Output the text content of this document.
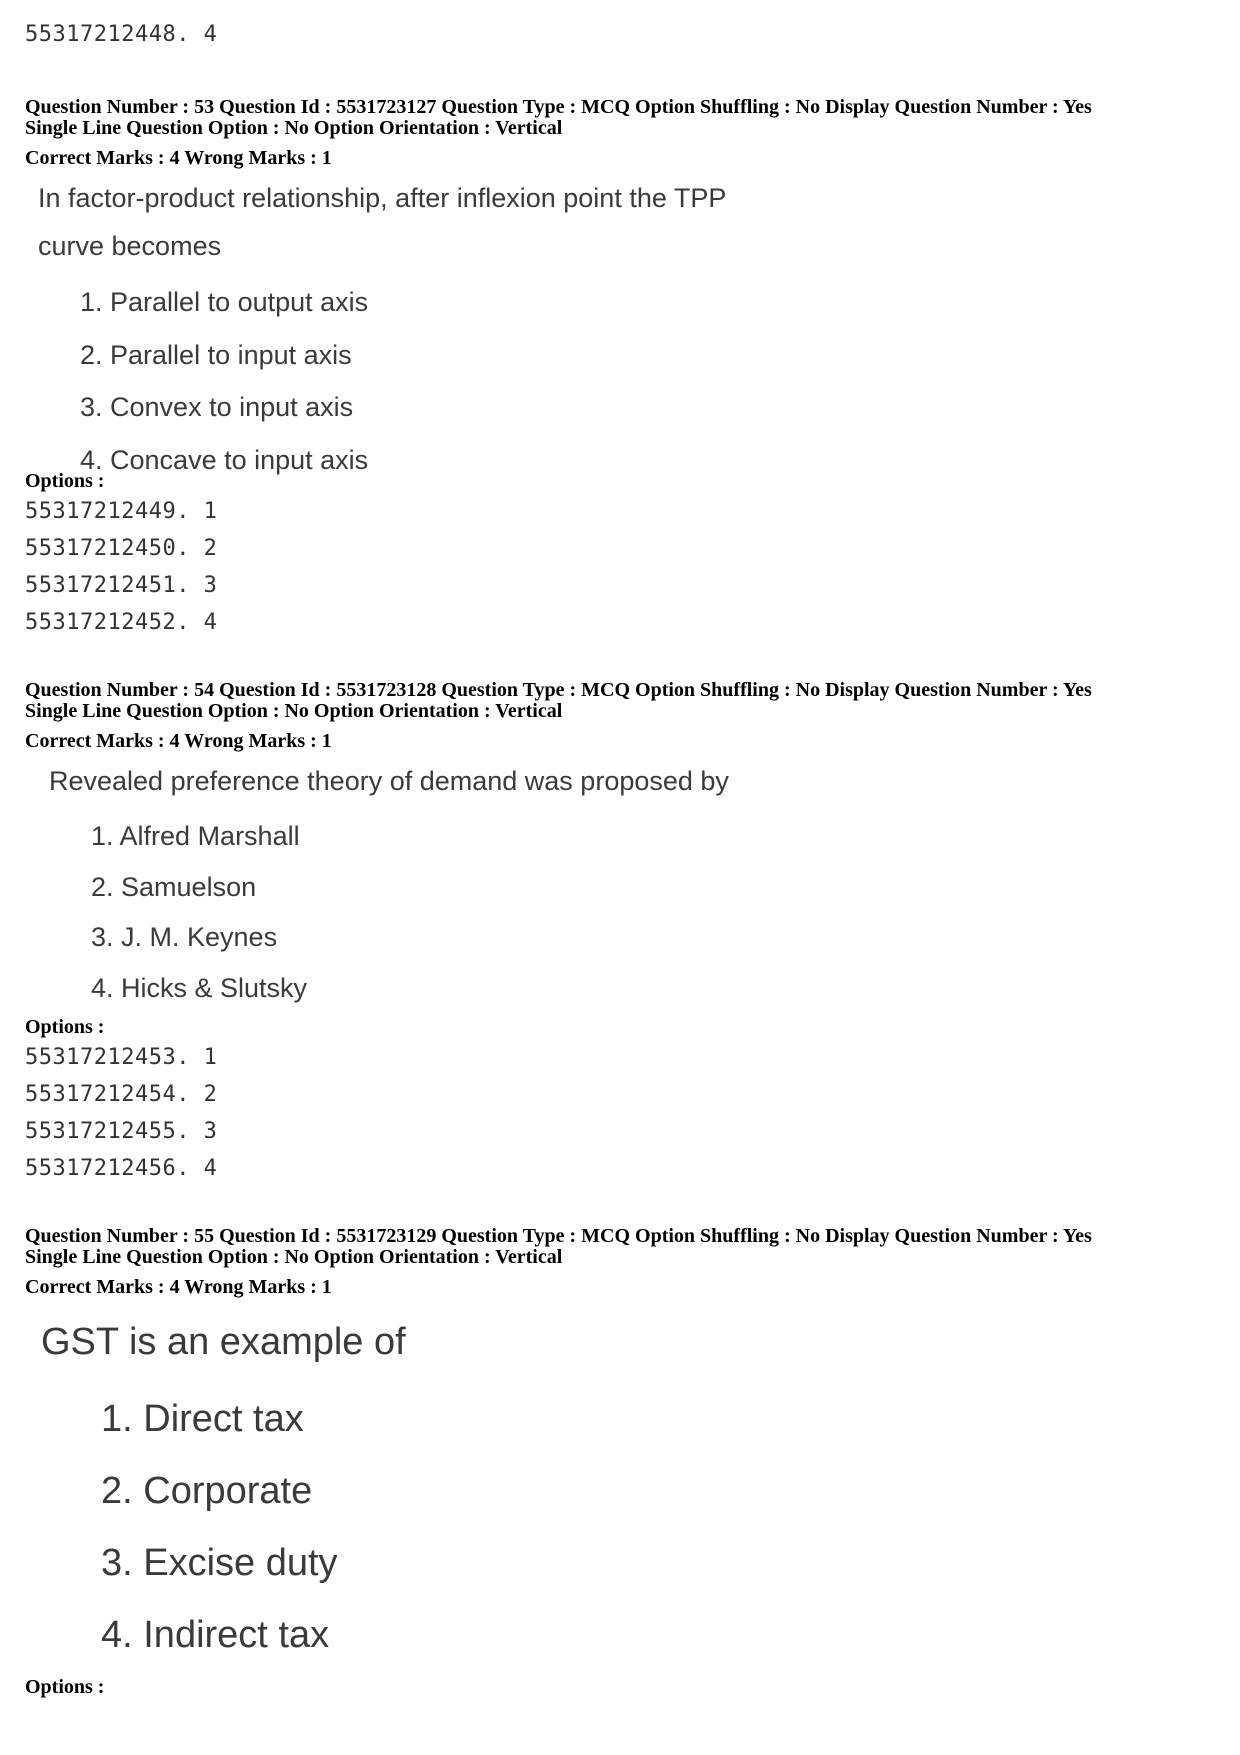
55317212448. 4
Question Number : 53 Question Id : 5531723127 Question Type : MCQ Option Shuffling : No Display Question Number : Yes
Single Line Question Option : No Option Orientation : Vertical
Correct Marks : 4 Wrong Marks : 1
In factor-product relationship, after inflexion point the TPP
curve becomes
1. Parallel to output axis
2. Parallel to input axis
3. Convex to input axis
4. Concave to input axis
Options :
55317212449. 1
55317212450. 2
55317212451. 3
55317212452. 4
Question Number : 54 Question Id : 5531723128 Question Type : MCQ Option Shuffling : No Display Question Number : Yes
Single Line Question Option : No Option Orientation : Vertical
Correct Marks : 4 Wrong Marks : 1
Revealed preference theory of demand was proposed by
1. Alfred Marshall
2. Samuelson
3. J. M. Keynes
4. Hicks & Slutsky
Options :
55317212453. 1
55317212454. 2
55317212455. 3
55317212456. 4
Question Number : 55 Question Id : 5531723129 Question Type : MCQ Option Shuffling : No Display Question Number : Yes
Single Line Question Option : No Option Orientation : Vertical
Correct Marks : 4 Wrong Marks : 1
GST is an example of
1. Direct tax
2. Corporate
3. Excise duty
4. Indirect tax
Options :
